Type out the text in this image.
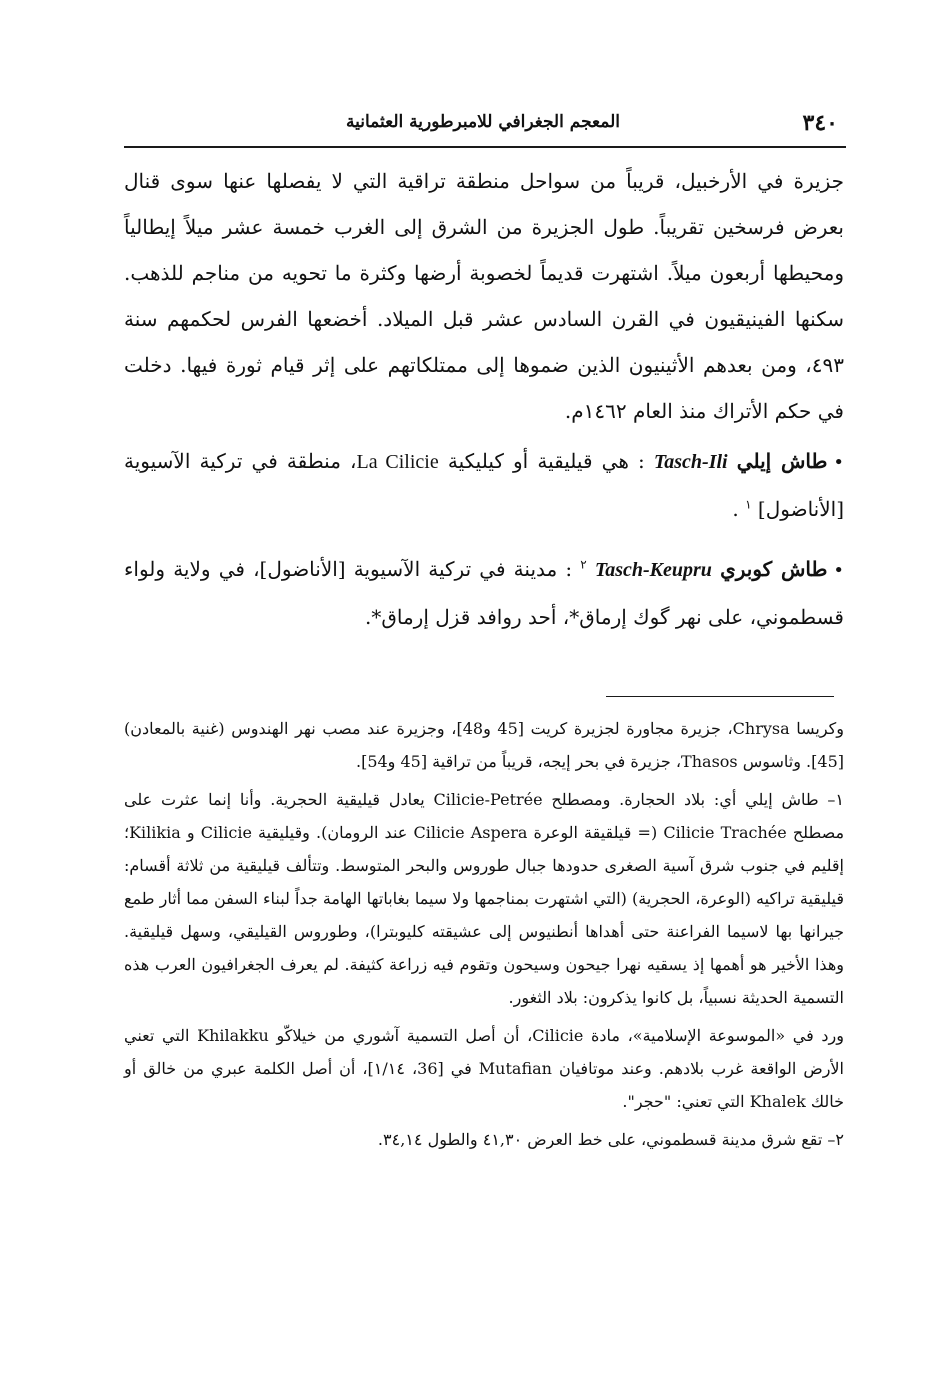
٣٤٠
المعجم الجغرافي للامبرطورية العثمانية

جزيرة في الأرخبيل، قريباً من سواحل منطقة تراقية التي لا يفصلها عنها سوى قنال بعرض فرسخين تقريباً. طول الجزيرة من الشرق إلى الغرب خمسة عشر ميلاً إيطالياً ومحيطها أربعون ميلاً. اشتهرت قديماً لخصوبة أرضها وكثرة ما تحويه من مناجم للذهب. سكنها الفينيقيون في القرن السادس عشر قبل الميلاد. أخضعها الفرس لحكمهم سنة ٤٩٣، ومن بعدهم الأثينيون الذين ضموها إلى ممتلكاتهم على إثر قيام ثورة فيها. دخلت في حكم الأتراك منذ العام ١٤٦٢م.

•طاش إيلي Tasch-Ili : هي قيليقية أو كيليكية La Cilicie، منطقة في تركية الآسيوية [الأناضول] $^١$ .

•طاش كوبري Tasch-Keupru $^٢$ : مدينة في تركية الآسيوية [الأناضول]، في ولاية ولواء قسطموني، على نهر گوك إرماق*، أحد روافد قزل إرماق*.

وكريسا Chrysa، جزيرة مجاورة لجزيرة كريت [45 و48]، وجزيرة عند مصب نهر الهندوس (غنية بالمعادن) [45]. وثاسوس Thasos، جزيرة في بحر إيجه، قريباً من تراقية [45 و54].

١– طاش إيلي أي: بلاد الحجارة. ومصطلح Cilicie-Petrée يعادل قيليقية الحجرية. وأنا إنما عثرت على مصطلح Cilicie Trachée (= قيلقيقة الوعرة Cilicie Aspera عند الرومان). وقيليقية Cilicie و Kilikia؛ إقليم في جنوب شرق آسية الصغرى حدودها جبال طوروس والبحر المتوسط. وتتألف قيليقية من ثلاثة أقسام: قيليقية تراكيه (الوعرة، الحجرية) (التي اشتهرت بمناجمها ولا سيما بغاباتها الهامة جداً لبناء السفن مما أثار طمع جيرانها بها لاسيما الفراعنة حتى أهداها أنطنيوس إلى عشيقته كليوبترا)، وطوروس القيليقي، وسهل قيليقية. وهذا الأخير هو أهمها إذ يسقيه نهرا جيحون وسيحون وتقوم فيه زراعة كثيفة. لم يعرف الجغرافيون العرب هذه التسمية الحديثة نسبياً، بل كانوا يذكرون: بلاد الثغور.

ورد في «الموسوعة الإسلامية»، مادة Cilicie، أن أصل التسمية آشوري من خيلاكّو Khilakku التي تعني الأرض الواقعة غرب بلادهم. وعند موتافيان Mutafian في [36، ١/١٤]، أن أصل الكلمة عبري من خالق أو خالك Khalek التي تعني: "حجر".

٢– تقع شرق مدينة قسطموني، على خط العرض ٤١,٣٠ والطول ٣٤,١٤.
